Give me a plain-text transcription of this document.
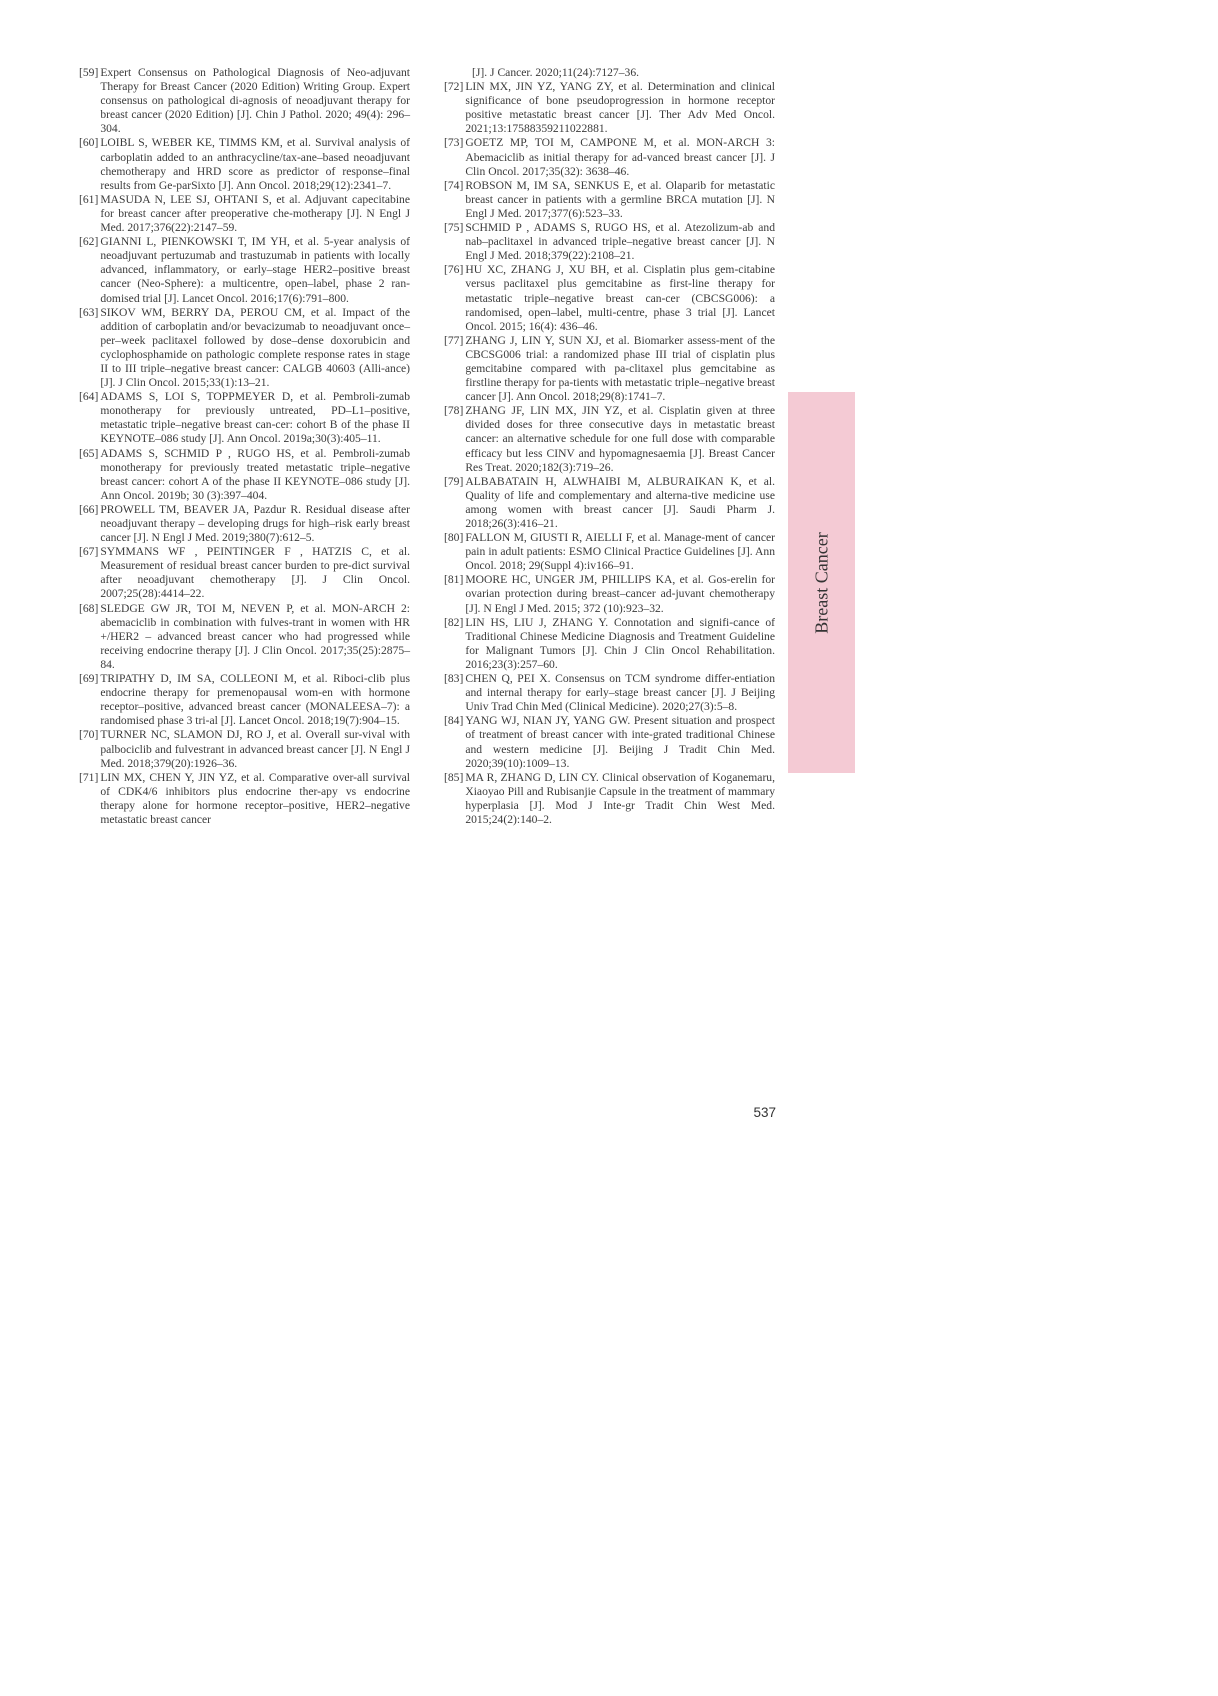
[59] Expert Consensus on Pathological Diagnosis of Neo-adjuvant Therapy for Breast Cancer (2020 Edition) Writing Group. Expert consensus on pathological di-agnosis of neoadjuvant therapy for breast cancer (2020 Edition) [J]. Chin J Pathol. 2020; 49(4): 296–304.
[60] LOIBL S, WEBER KE, TIMMS KM, et al. Survival analysis of carboplatin added to an anthracycline/tax-ane–based neoadjuvant chemotherapy and HRD score as predictor of response–final results from Ge-parSixto [J]. Ann Oncol. 2018;29(12):2341–7.
[61] MASUDA N, LEE SJ, OHTANI S, et al. Adjuvant capecitabine for breast cancer after preoperative che-motherapy [J]. N Engl J Med. 2017;376(22):2147–59.
[62] GIANNI L, PIENKOWSKI T, IM YH, et al. 5-year analysis of neoadjuvant pertuzumab and trastuzumab in patients with locally advanced, inflammatory, or early–stage HER2–positive breast cancer (Neo-Sphere): a multicentre, open–label, phase 2 ran-domised trial [J]. Lancet Oncol. 2016;17(6):791–800.
[63] SIKOV WM, BERRY DA, PEROU CM, et al. Impact of the addition of carboplatin and/or bevacizumab to neoadjuvant once–per–week paclitaxel followed by dose–dense doxorubicin and cyclophosphamide on pathologic complete response rates in stage II to III triple–negative breast cancer: CALGB 40603 (Alli-ance)[J]. J Clin Oncol. 2015;33(1):13–21.
[64] ADAMS S, LOI S, TOPPMEYER D, et al. Pembroli-zumab monotherapy for previously untreated, PD–L1–positive, metastatic triple–negative breast can-cer: cohort B of the phase II KEYNOTE–086 study [J]. Ann Oncol. 2019a;30(3):405–11.
[65] ADAMS S, SCHMID P , RUGO HS, et al. Pembroli-zumab monotherapy for previously treated metastatic triple–negative breast cancer: cohort A of the phase II KEYNOTE–086 study [J]. Ann Oncol. 2019b; 30 (3):397–404.
[66] PROWELL TM, BEAVER JA, Pazdur R. Residual disease after neoadjuvant therapy – developing drugs for high–risk early breast cancer [J]. N Engl J Med. 2019;380(7):612–5.
[67] SYMMANS WF , PEINTINGER F , HATZIS C, et al. Measurement of residual breast cancer burden to pre-dict survival after neoadjuvant chemotherapy [J]. J Clin Oncol. 2007;25(28):4414–22.
[68] SLEDGE GW JR, TOI M, NEVEN P, et al. MON-ARCH 2: abemaciclib in combination with fulves-trant in women with HR +/HER2 – advanced breast cancer who had progressed while receiving endocrine therapy [J]. J Clin Oncol. 2017;35(25):2875–84.
[69] TRIPATHY D, IM SA, COLLEONI M, et al. Riboci-clib plus endocrine therapy for premenopausal wom-en with hormone receptor–positive, advanced breast cancer (MONALEESA–7): a randomised phase 3 tri-al [J]. Lancet Oncol. 2018;19(7):904–15.
[70] TURNER NC, SLAMON DJ, RO J, et al. Overall sur-vival with palbociclib and fulvestrant in advanced breast cancer [J]. N Engl J Med. 2018;379(20):1926–36.
[71] LIN MX, CHEN Y, JIN YZ, et al. Comparative over-all survival of CDK4/6 inhibitors plus endocrine ther-apy vs endocrine therapy alone for hormone receptor–positive, HER2–negative metastatic breast cancer
[J]. J Cancer. 2020;11(24):7127–36.
[72] LIN MX, JIN YZ, YANG ZY, et al. Determination and clinical significance of bone pseudoprogression in hormone receptor positive metastatic breast cancer [J]. Ther Adv Med Oncol. 2021;13:17588359211022881.
[73] GOETZ MP, TOI M, CAMPONE M, et al. MON-ARCH 3: Abemaciclib as initial therapy for ad-vanced breast cancer [J]. J Clin Oncol. 2017;35(32): 3638–46.
[74] ROBSON M, IM SA, SENKUS E, et al. Olaparib for metastatic breast cancer in patients with a germline BRCA mutation [J]. N Engl J Med. 2017;377(6):523–33.
[75] SCHMID P , ADAMS S, RUGO HS, et al. Atezolizum-ab and nab–paclitaxel in advanced triple–negative breast cancer [J]. N Engl J Med. 2018;379(22):2108–21.
[76] HU XC, ZHANG J, XU BH, et al. Cisplatin plus gem-citabine versus paclitaxel plus gemcitabine as first-line therapy for metastatic triple–negative breast can-cer (CBCSG006): a randomised, open–label, multi-centre, phase 3 trial [J]. Lancet Oncol. 2015; 16(4): 436–46.
[77] ZHANG J, LIN Y, SUN XJ, et al. Biomarker assess-ment of the CBCSG006 trial: a randomized phase III trial of cisplatin plus gemcitabine compared with pa-clitaxel plus gemcitabine as firstline therapy for pa-tients with metastatic triple–negative breast cancer [J]. Ann Oncol. 2018;29(8):1741–7.
[78] ZHANG JF, LIN MX, JIN YZ, et al. Cisplatin given at three divided doses for three consecutive days in metastatic breast cancer: an alternative schedule for one full dose with comparable efficacy but less CINV and hypomagnesaemia [J]. Breast Cancer Res Treat. 2020;182(3):719–26.
[79] ALBABATAIN H, ALWHAIBI M, ALBURAIKAN K, et al. Quality of life and complementary and alterna-tive medicine use among women with breast cancer [J]. Saudi Pharm J. 2018;26(3):416–21.
[80] FALLON M, GIUSTI R, AIELLI F, et al. Manage-ment of cancer pain in adult patients: ESMO Clinical Practice Guidelines [J]. Ann Oncol. 2018; 29(Suppl 4):iv166–91.
[81] MOORE HC, UNGER JM, PHILLIPS KA, et al. Gos-erelin for ovarian protection during breast–cancer ad-juvant chemotherapy [J]. N Engl J Med. 2015; 372 (10):923–32.
[82] LIN HS, LIU J, ZHANG Y. Connotation and signifi-cance of Traditional Chinese Medicine Diagnosis and Treatment Guideline for Malignant Tumors [J]. Chin J Clin Oncol Rehabilitation. 2016;23(3):257–60.
[83] CHEN Q, PEI X. Consensus on TCM syndrome differ-entiation and internal therapy for early–stage breast cancer [J]. J Beijing Univ Trad Chin Med (Clinical Medicine). 2020;27(3):5–8.
[84] YANG WJ, NIAN JY, YANG GW. Present situation and prospect of treatment of breast cancer with inte-grated traditional Chinese and western medicine [J]. Beijing J Tradit Chin Med. 2020;39(10):1009–13.
[85] MA R, ZHANG D, LIN CY. Clinical observation of Koganemaru, Xiaoyao Pill and Rubisanjie Capsule in the treatment of mammary hyperplasia [J]. Mod J Inte-gr Tradit Chin West Med. 2015;24(2):140–2.
Breast Cancer
537
